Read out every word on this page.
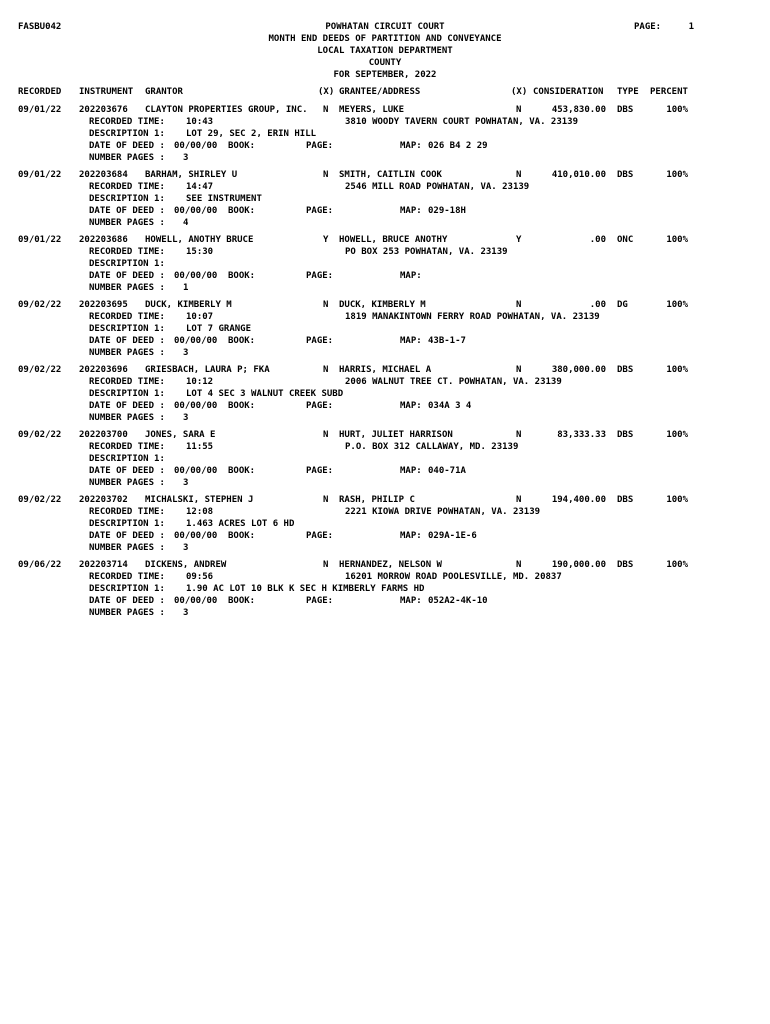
FASBU042	POWHATAN CIRCUIT COURT
MONTH END DEEDS OF PARTITION AND CONVEYANCE
LOCAL TAXATION DEPARTMENT
COUNTY
FOR SEPTEMBER, 2022
PAGE:	1
RECORDED INSTRUMENT GRANTOR	(X) GRANTEE/ADDRESS	(X) CONSIDERATION TYPE PERCENT
09/01/22 202203676 CLAYTON PROPERTIES GROUP, INC. N MEYERS, LUKE	N	453,830.00 DBS	100%
RECORDED TIME: 10:43	3810 WOODY TAVERN COURT POWHATAN, VA. 23139
DESCRIPTION 1: LOT 29, SEC 2, ERIN HILL
DATE OF DEED : 00/00/00 BOOK:	PAGE:	MAP: 026 B4 2 29
NUMBER PAGES : 3
09/01/22 202203684 BARHAM, SHIRLEY U	N SMITH, CAITLIN COOK	N	410,010.00 DBS	100%
RECORDED TIME: 14:47	2546 MILL ROAD POWHATAN, VA. 23139
DESCRIPTION 1: SEE INSTRUMENT
DATE OF DEED : 00/00/00 BOOK:	PAGE:	MAP: 029-18H
NUMBER PAGES : 4
09/01/22 202203686 HOWELL, ANOTHY BRUCE	Y HOWELL, BRUCE ANOTHY	Y	.00 ONC	100%
RECORDED TIME: 15:30	PO BOX 253 POWHATAN, VA. 23139
DESCRIPTION 1:
DATE OF DEED : 00/00/00 BOOK:	PAGE:	MAP:
NUMBER PAGES : 1
09/02/22 202203695 DUCK, KIMBERLY M	N DUCK, KIMBERLY M	N	.00 DG	100%
RECORDED TIME: 10:07	1819 MANAKINTOWN FERRY ROAD POWHATAN, VA. 23139
DESCRIPTION 1: LOT 7 GRANGE
DATE OF DEED : 00/00/00 BOOK:	PAGE:	MAP: 43B-1-7
NUMBER PAGES : 3
09/02/22 202203696 GRIESBACH, LAURA P; FKA	N HARRIS, MICHAEL A	N	380,000.00 DBS	100%
RECORDED TIME: 10:12	2006 WALNUT TREE CT. POWHATAN, VA. 23139
DESCRIPTION 1: LOT 4 SEC 3 WALNUT CREEK SUBD
DATE OF DEED : 00/00/00 BOOK:	PAGE:	MAP: 034A 3 4
NUMBER PAGES : 3
09/02/22 202203700 JONES, SARA E	N HURT, JULIET HARRISON	N	83,333.33 DBS	100%
RECORDED TIME: 11:55	P.O. BOX 312 CALLAWAY, MD. 23139
DESCRIPTION 1:
DATE OF DEED : 00/00/00 BOOK:	PAGE:	MAP: 040-71A
NUMBER PAGES : 3
09/02/22 202203702 MICHALSKI, STEPHEN J	N RASH, PHILIP C	N	194,400.00 DBS	100%
RECORDED TIME: 12:08	2221 KIOWA DRIVE POWHATAN, VA. 23139
DESCRIPTION 1: 1.463 ACRES LOT 6 HD
DATE OF DEED : 00/00/00 BOOK:	PAGE:	MAP: 029A-1E-6
NUMBER PAGES : 3
09/06/22 202203714 DICKENS, ANDREW	N HERNANDEZ, NELSON W	N	190,000.00 DBS	100%
RECORDED TIME: 09:56	16201 MORROW ROAD POOLESVILLE, MD. 20837
DESCRIPTION 1: 1.90 AC LOT 10 BLK K SEC H KIMBERLY FARMS HD
DATE OF DEED : 00/00/00 BOOK:	PAGE:	MAP: 052A2-4K-10
NUMBER PAGES : 3
